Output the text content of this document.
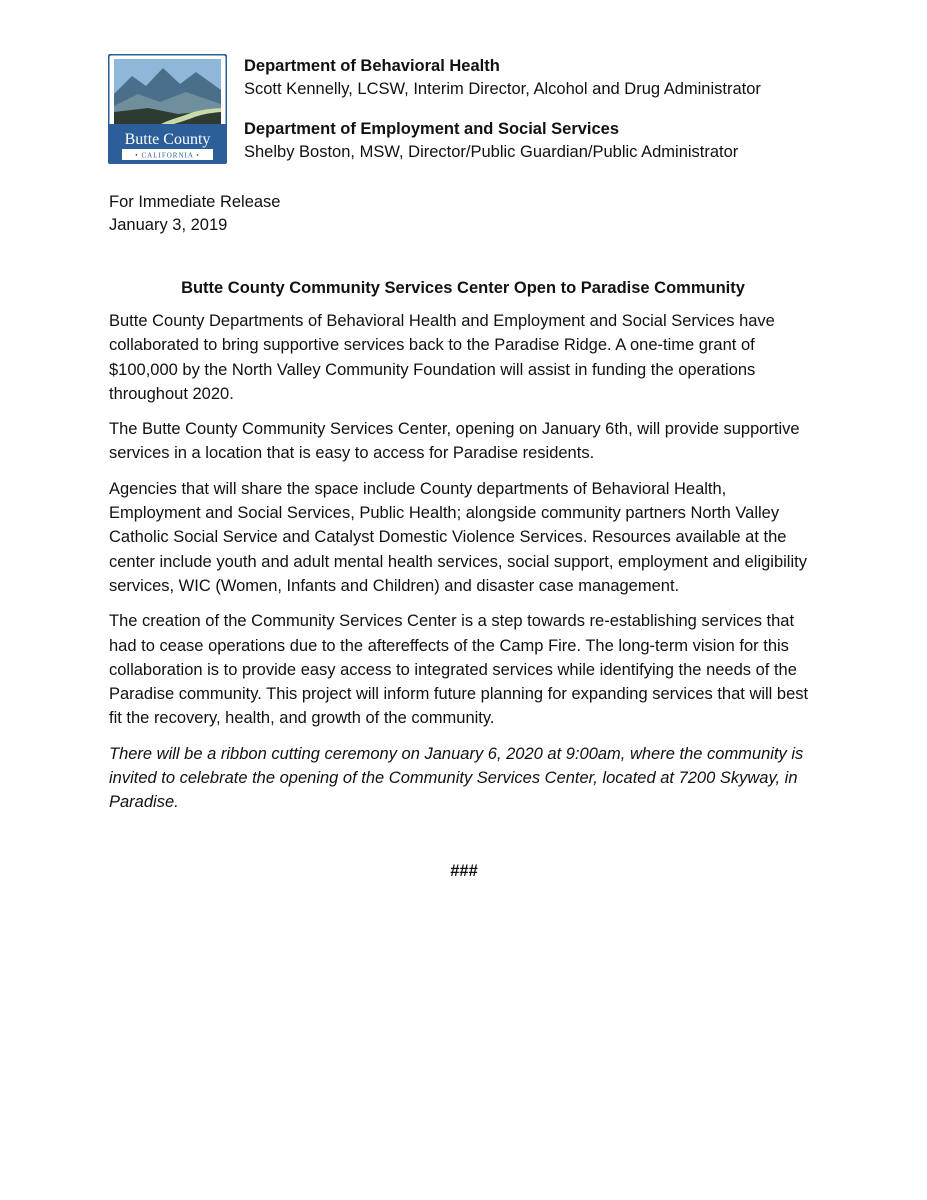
Butte County
• CALIFORNIA •
Department of Behavioral Health
Scott Kennelly, LCSW, Interim Director, Alcohol and Drug Administrator
Department of Employment and Social Services
Shelby Boston, MSW, Director/Public Guardian/Public Administrator
For Immediate Release
January 3, 2019
Butte County Community Services Center Open to Paradise Community

Butte County Departments of Behavioral Health and Employment and Social Services have collaborated to bring supportive services back to the Paradise Ridge. A one-time grant of $100,000 by the North Valley Community Foundation will assist in funding the operations throughout 2020.

The Butte County Community Services Center, opening on January 6th, will provide supportive services in a location that is easy to access for Paradise residents.

Agencies that will share the space include County departments of Behavioral Health, Employment and Social Services, Public Health; alongside community partners North Valley Catholic Social Service and Catalyst Domestic Violence Services. Resources available at the center include youth and adult mental health services, social support, employment and eligibility services, WIC (Women, Infants and Children) and disaster case management.

The creation of the Community Services Center is a step towards re-establishing services that had to cease operations due to the aftereffects of the Camp Fire. The long-term vision for this collaboration is to provide easy access to integrated services while identifying the needs of the Paradise community. This project will inform future planning for expanding services that will best fit the recovery, health, and growth of the community.

There will be a ribbon cutting ceremony on January 6, 2020 at 9:00am, where the community is invited to celebrate the opening of the Community Services Center, located at 7200 Skyway, in Paradise.

###
